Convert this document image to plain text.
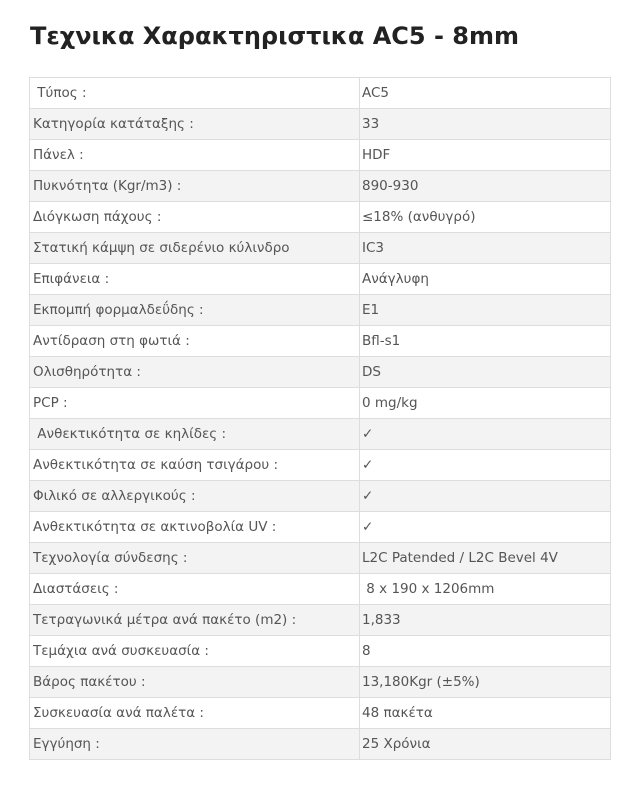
Τεχνικα Χαρακτηριστικα AC5 - 8mm
Τύπος :	AC5
Κατηγορία κατάταξης :	33
Πάνελ :	HDF
Πυκνότητα (Kgr/m3) :	890-930
Διόγκωση πάχους :	≤18% (ανθυγρό)
Στατική κάμψη σε σιδερένιο κύλινδρο	IC3
Επιφάνεια :	Ανάγλυφη
Εκπομπή φορμαλδεΰδης :	E1
Αντίδραση στη φωτιά :	Bfl-s1
Ολισθηρότητα :	DS
PCP :	0 mg/kg
Ανθεκτικότητα σε κηλίδες :	✓
Ανθεκτικότητα σε καύση τσιγάρου :	✓
Φιλικό σε αλλεργικούς :	✓
Ανθεκτικότητα σε ακτινοβολία UV :	✓
Τεχνολογία σύνδεσης :	L2C Patended / L2C Bevel 4V
Διαστάσεις :	8 x 190 x 1206mm
Τετραγωνικά μέτρα ανά πακέτο (m2) :	1,833
Τεμάχια ανά συσκευασία :	8
Βάρος πακέτου :	13,180Kgr (±5%)
Συσκευασία ανά παλέτα :	48 πακέτα
Εγγύηση :	25 Χρόνια
